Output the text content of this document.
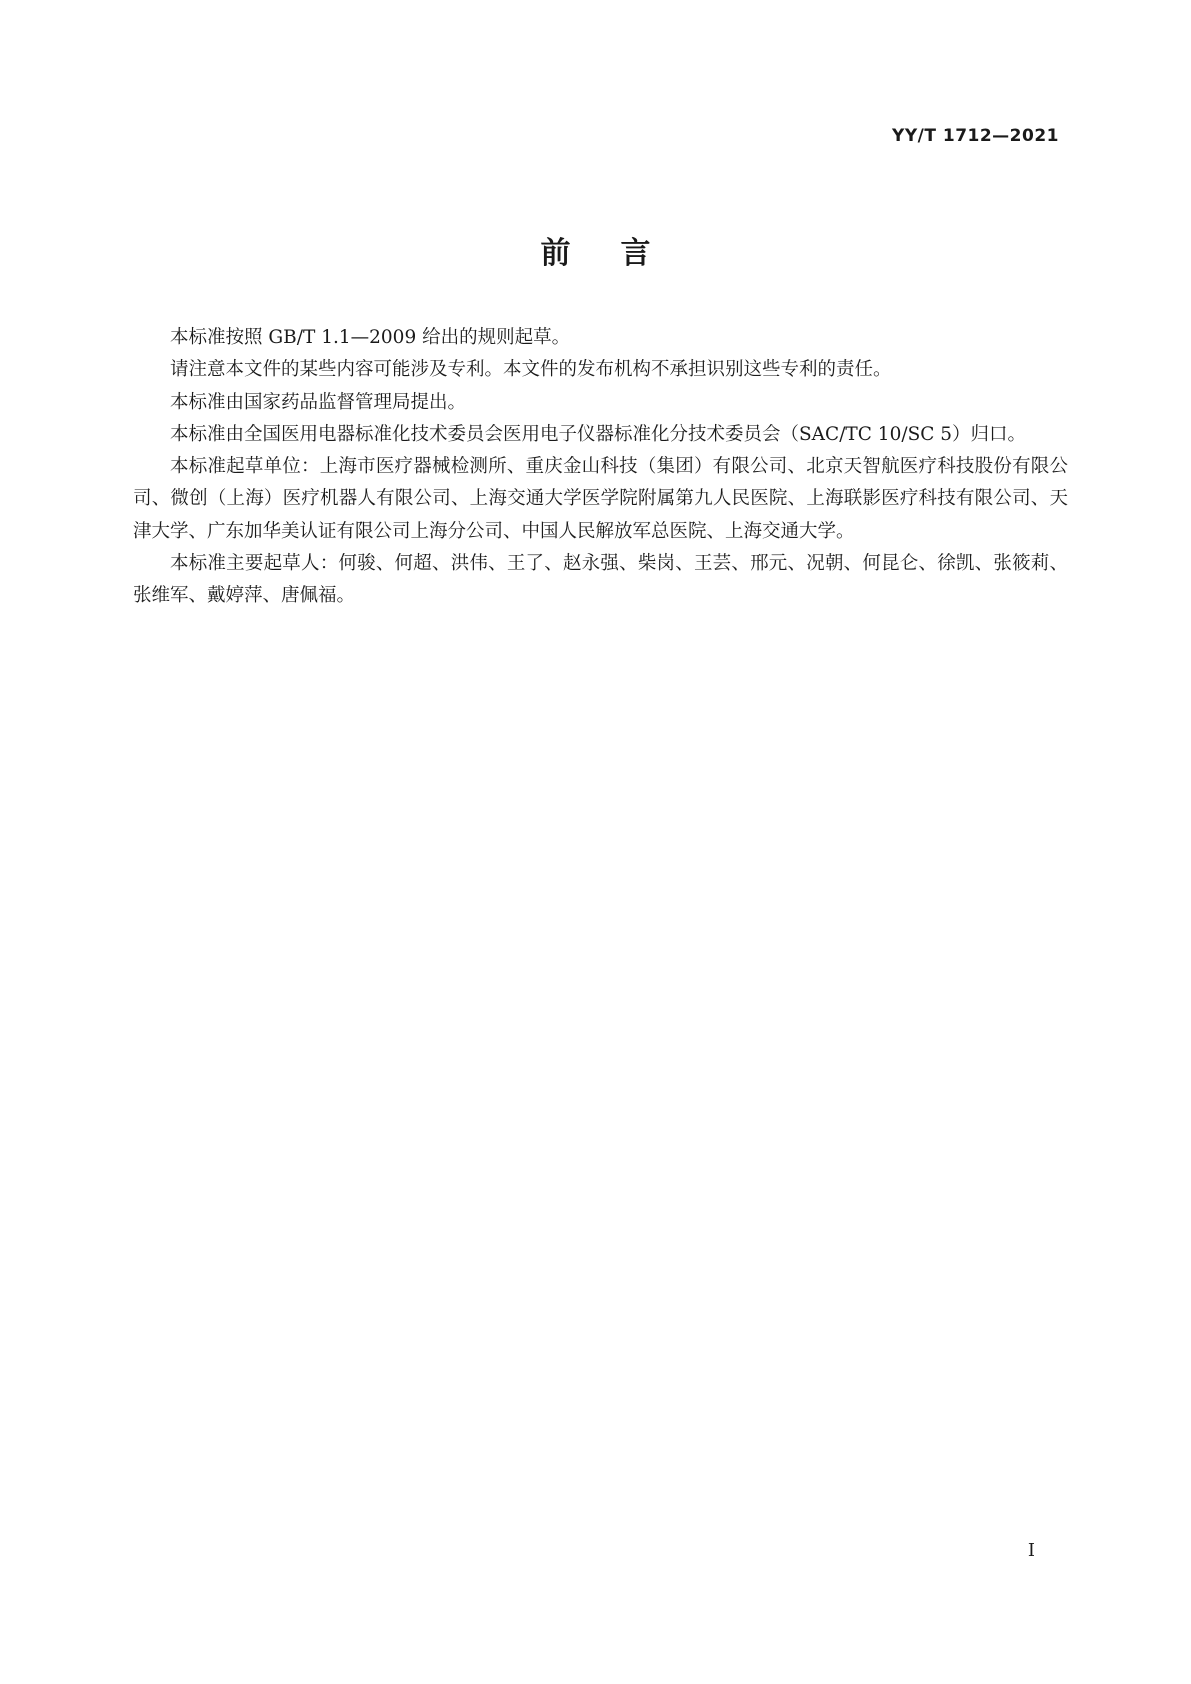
YY/T 1712—2021
前言

本标准按照 GB/T 1.1—2009 给出的规则起草。

请注意本文件的某些内容可能涉及专利。本文件的发布机构不承担识别这些专利的责任。

本标准由国家药品监督管理局提出。

本标准由全国医用电器标准化技术委员会医用电子仪器标准化分技术委员会（SAC/TC 10/SC 5）归口。

本标准起草单位：上海市医疗器械检测所、重庆金山科技（集团）有限公司、北京天智航医疗科技股份有限公司、微创（上海）医疗机器人有限公司、上海交通大学医学院附属第九人民医院、上海联影医疗科技有限公司、天津大学、广东加华美认证有限公司上海分公司、中国人民解放军总医院、上海交通大学。

本标准主要起草人：何骏、何超、洪伟、王了、赵永强、柴岗、王芸、邢元、况朝、何昆仑、徐凯、张筱莉、张维军、戴婷萍、唐佩福。

I
